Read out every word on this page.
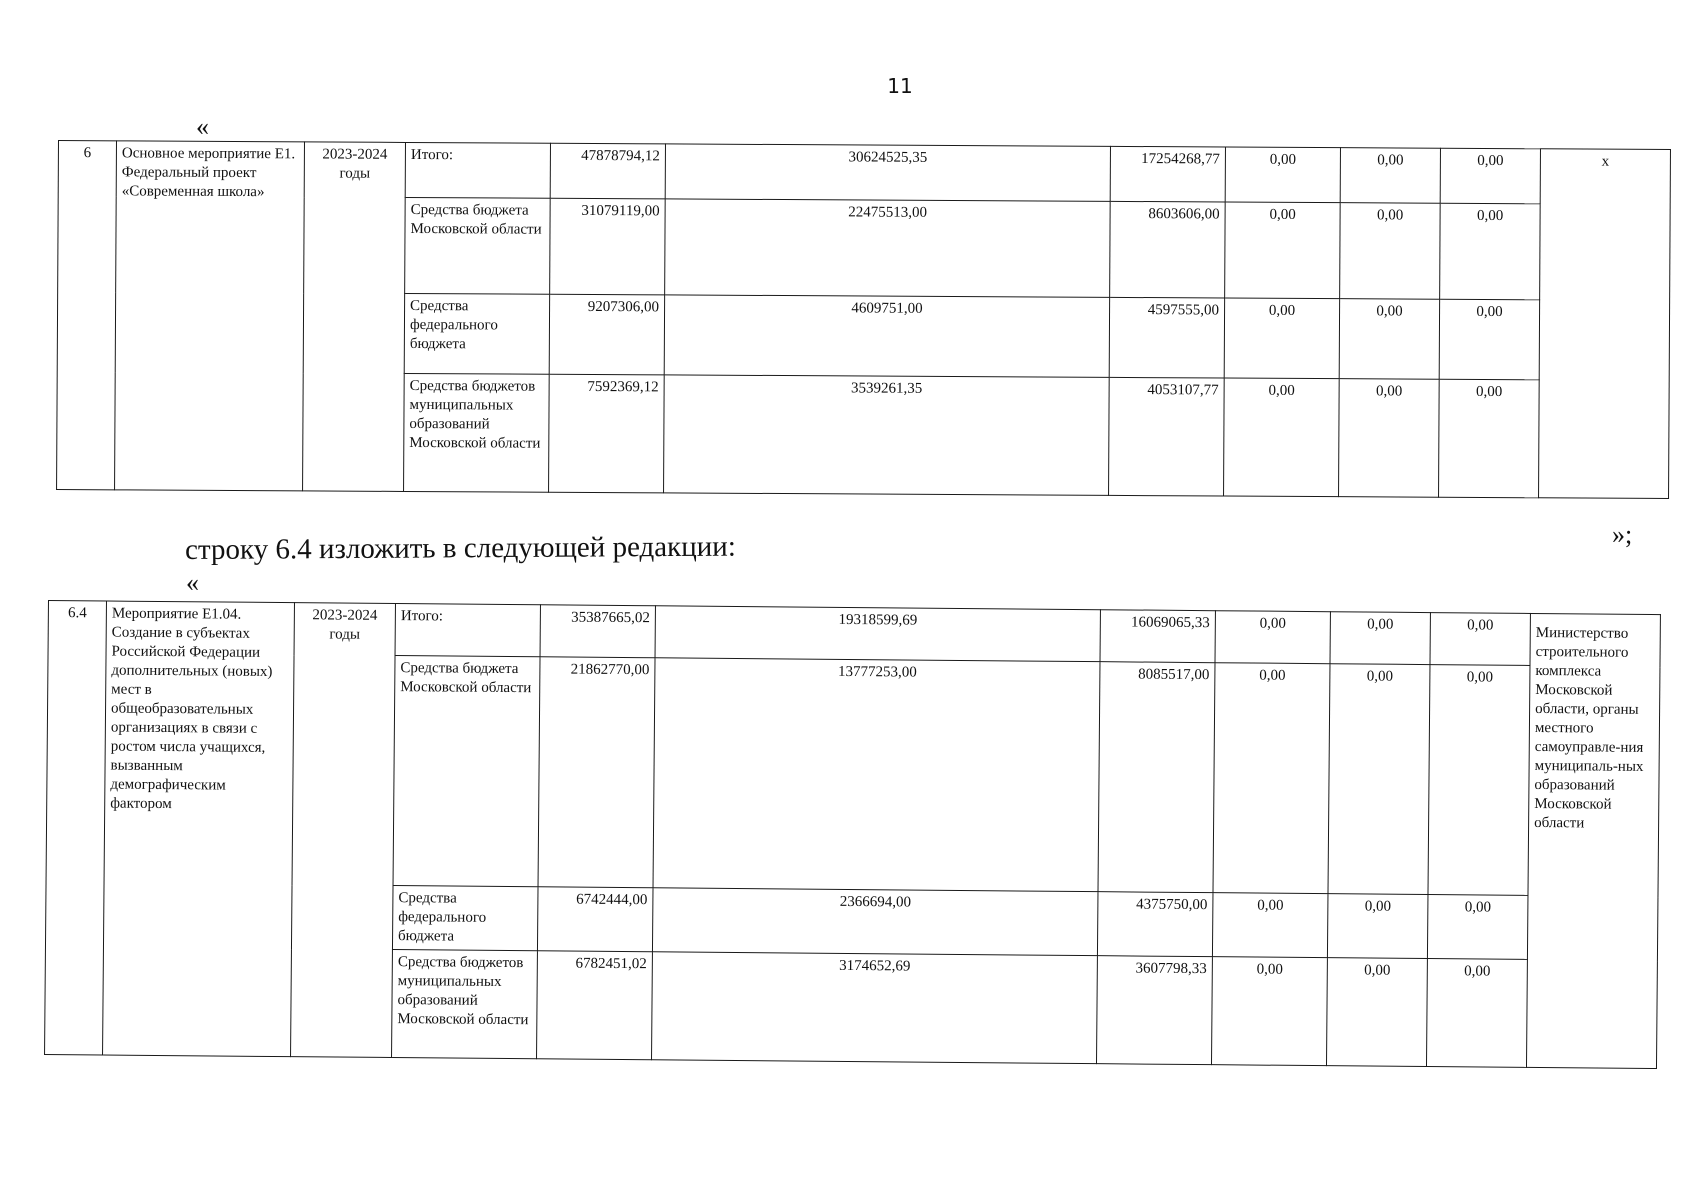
11
«
6	Основное мероприятие Е1. Федеральный проект «Современная школа»	2023-2024 годы	Итого:	47878794,12	30624525,35	17254268,77	0,00	0,00	0,00	х
			Средства бюджета Московской области	31079119,00	22475513,00	8603606,00	0,00	0,00	0,00	
			Средства федерального бюджета	9207306,00	4609751,00	4597555,00	0,00	0,00	0,00	
			Средства бюджетов муниципальных образований Московской области	7592369,12	3539261,35	4053107,77	0,00	0,00	0,00	
»;
строку 6.4 изложить в следующей редакции:
«
6.4	Мероприятие Е1.04. Создание в субъектах Российской Федерации дополнительных (новых) мест в общеобразовательных организациях в связи с ростом числа учащихся, вызванным демографическим фактором	2023-2024 годы	Итого:	35387665,02	19318599,69	16069065,33	0,00	0,00	0,00	Министерство строительного комплекса Московской области, органы местного самоуправле-ния муниципаль-ных образований Московской области
			Средства бюджета Московской области	21862770,00	13777253,00	8085517,00	0,00	0,00	0,00	
			Средства федерального бюджета	6742444,00	2366694,00	4375750,00	0,00	0,00	0,00	
			Средства бюджетов муниципальных образований Московской области	6782451,02	3174652,69	3607798,33	0,00	0,00	0,00	
